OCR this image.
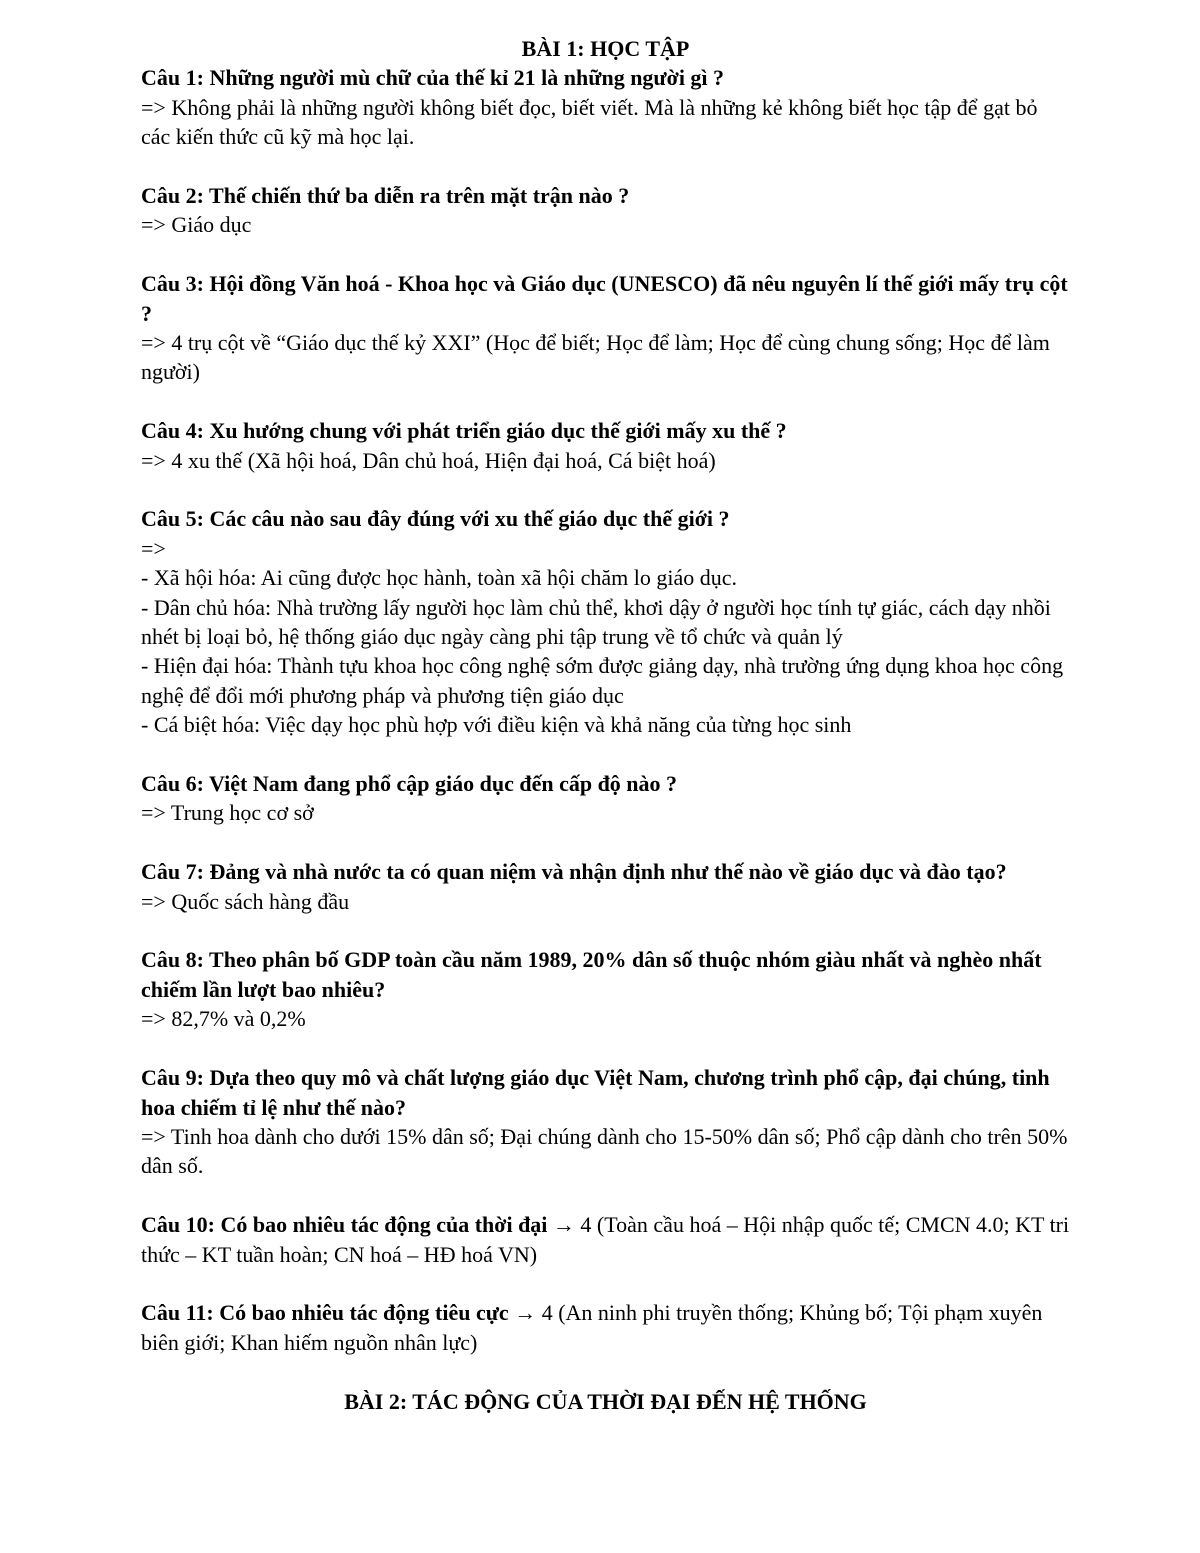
BÀI 1: HỌC TẬP

Câu 1: Những người mù chữ của thế kỉ 21 là những người gì ?

=> Không phải là những người không biết đọc, biết viết. Mà là những kẻ không biết học tập để gạt bỏ các kiến thức cũ kỹ mà học lại.

Câu 2: Thế chiến thứ ba diễn ra trên mặt trận nào ?

=> Giáo dục

Câu 3: Hội đồng Văn hoá - Khoa học và Giáo dục (UNESCO) đã nêu nguyên lí thế giới mấy trụ cột ?

=> 4 trụ cột về “Giáo dục thế kỷ XXI” (Học để biết; Học để làm; Học để cùng chung sống; Học để làm người)

Câu 4: Xu hướng chung với phát triển giáo dục thế giới mấy xu thế ?

=> 4 xu thế (Xã hội hoá, Dân chủ hoá, Hiện đại hoá, Cá biệt hoá)

Câu 5: Các câu nào sau đây đúng với xu thế giáo dục thế giới ?

=>

- Xã hội hóa: Ai cũng được học hành, toàn xã hội chăm lo giáo dục.

- Dân chủ hóa: Nhà trường lấy người học làm chủ thể, khơi dậy ở người học tính tự giác, cách dạy nhồi nhét bị loại bỏ, hệ thống giáo dục ngày càng phi tập trung về tổ chức và quản lý

- Hiện đại hóa: Thành tựu khoa học công nghệ sớm được giảng dạy, nhà trường ứng dụng khoa học công nghệ để đổi mới phương pháp và phương tiện giáo dục

- Cá biệt hóa: Việc dạy học phù hợp với điều kiện và khả năng của từng học sinh

Câu 6: Việt Nam đang phổ cập giáo dục đến cấp độ nào ?

=> Trung học cơ sở

Câu 7: Đảng và nhà nước ta có quan niệm và nhận định như thế nào về giáo dục và đào tạo?

=> Quốc sách hàng đầu

Câu 8: Theo phân bố GDP toàn cầu năm 1989, 20% dân số thuộc nhóm giàu nhất và nghèo nhất chiếm lần lượt bao nhiêu?

=> 82,7% và 0,2%

Câu 9: Dựa theo quy mô và chất lượng giáo dục Việt Nam, chương trình phổ cập, đại chúng, tinh hoa chiếm tỉ lệ như thế nào?

=> Tinh hoa dành cho dưới 15% dân số; Đại chúng dành cho 15-50% dân số; Phổ cập dành cho trên 50% dân số.

Câu 10: Có bao nhiêu tác động của thời đại → 4 (Toàn cầu hoá – Hội nhập quốc tế; CMCN 4.0; KT tri thức – KT tuần hoàn; CN hoá – HĐ hoá VN)

Câu 11: Có bao nhiêu tác động tiêu cực → 4 (An ninh phi truyền thống; Khủng bố; Tội phạm xuyên biên giới; Khan hiếm nguồn nhân lực)

BÀI 2: TÁC ĐỘNG CỦA THỜI ĐẠI ĐẾN HỆ THỐNG
